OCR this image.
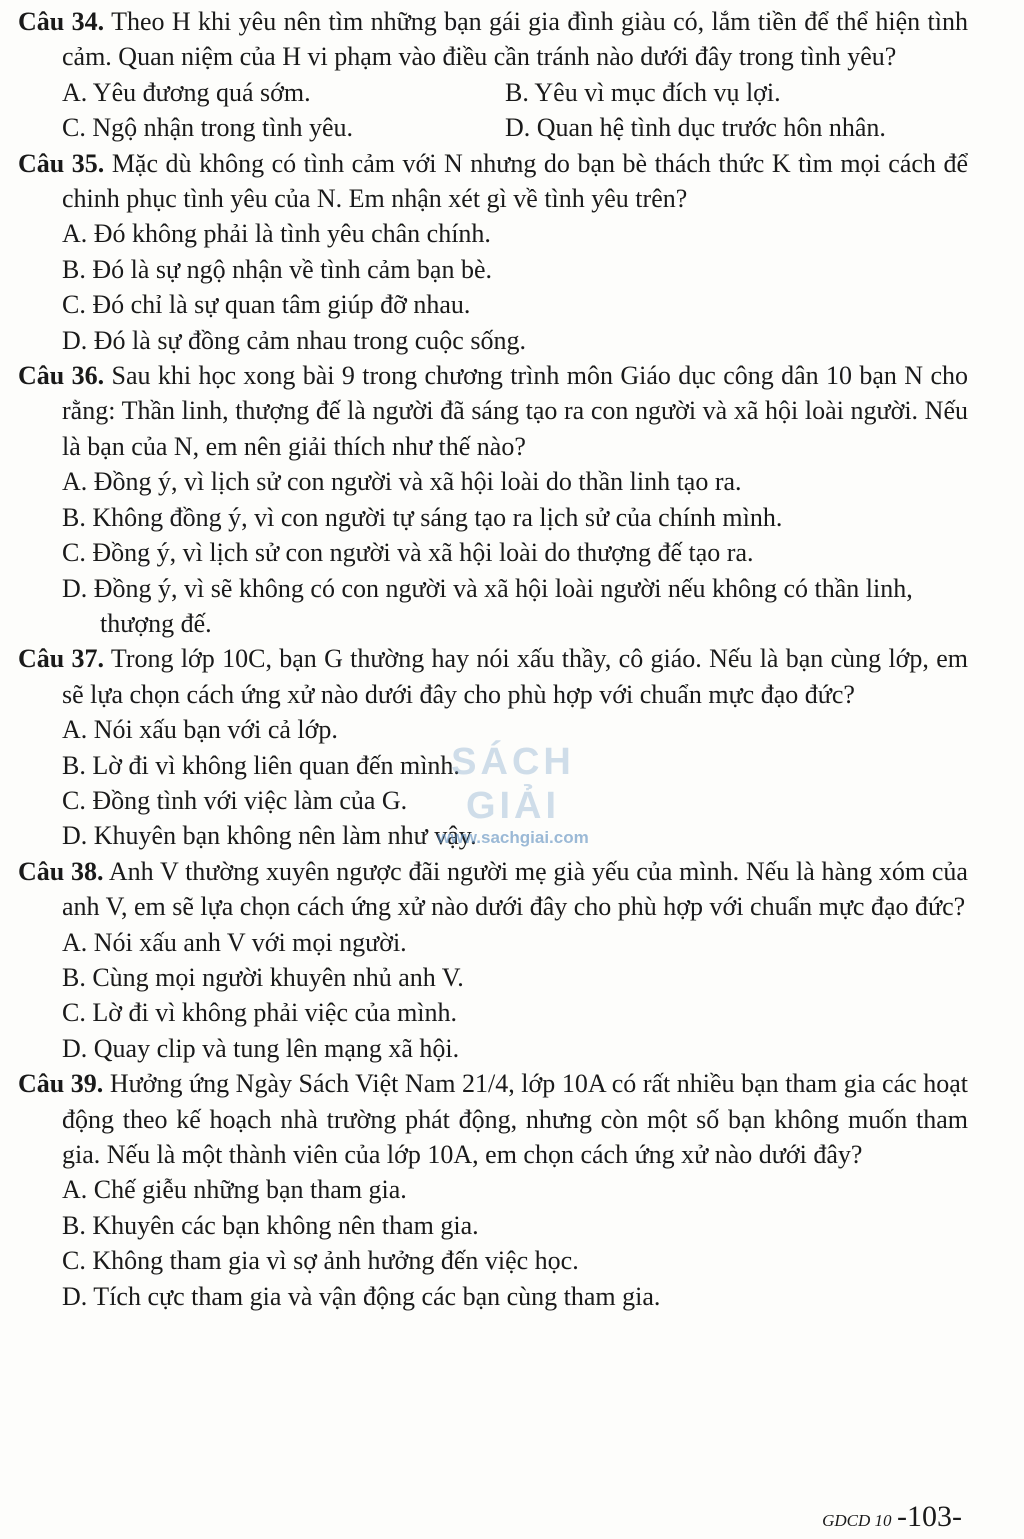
Câu 34. Theo H khi yêu nên tìm những bạn gái gia đình giàu có, lắm tiền để thể hiện tình cảm. Quan niệm của H vi phạm vào điều cần tránh nào dưới đây trong tình yêu?
A. Yêu đương quá sớm.	B. Yêu vì mục đích vụ lợi.
C. Ngộ nhận trong tình yêu.	D. Quan hệ tình dục trước hôn nhân.
Câu 35. Mặc dù không có tình cảm với N nhưng do bạn bè thách thức K tìm mọi cách để chinh phục tình yêu của N. Em nhận xét gì về tình yêu trên?
A. Đó không phải là tình yêu chân chính.
B. Đó là sự ngộ nhận về tình cảm bạn bè.
C. Đó chỉ là sự quan tâm giúp đỡ nhau.
D. Đó là sự đồng cảm nhau trong cuộc sống.
Câu 36. Sau khi học xong bài 9 trong chương trình môn Giáo dục công dân 10 bạn N cho rằng: Thần linh, thượng đế là người đã sáng tạo ra con người và xã hội loài người. Nếu là bạn của N, em nên giải thích như thế nào?
A. Đồng ý, vì lịch sử con người và xã hội loài do thần linh tạo ra.
B. Không đồng ý, vì con người tự sáng tạo ra lịch sử của chính mình.
C. Đồng ý, vì lịch sử con người và xã hội loài do thượng đế tạo ra.
D. Đồng ý, vì sẽ không có con người và xã hội loài người nếu không có thần linh, thượng đế.
Câu 37. Trong lớp 10C, bạn G thường hay nói xấu thầy, cô giáo. Nếu là bạn cùng lớp, em sẽ lựa chọn cách ứng xử nào dưới đây cho phù hợp với chuẩn mực đạo đức?
A. Nói xấu bạn với cả lớp.
B. Lờ đi vì không liên quan đến mình.
C. Đồng tình với việc làm của G.
D. Khuyên bạn không nên làm như vậy.
Câu 38. Anh V thường xuyên ngược đãi người mẹ già yếu của mình. Nếu là hàng xóm của anh V, em sẽ lựa chọn cách ứng xử nào dưới đây cho phù hợp với chuẩn mực đạo đức?
A. Nói xấu anh V với mọi người.
B. Cùng mọi người khuyên nhủ anh V.
C. Lờ đi vì không phải việc của mình.
D. Quay clip và tung lên mạng xã hội.
Câu 39. Hưởng ứng Ngày Sách Việt Nam 21/4, lớp 10A có rất nhiều bạn tham gia các hoạt động theo kế hoạch nhà trường phát động, nhưng còn một số bạn không muốn tham gia. Nếu là một thành viên của lớp 10A, em chọn cách ứng xử nào dưới đây?
A. Chế giễu những bạn tham gia.
B. Khuyên các bạn không nên tham gia.
C. Không tham gia vì sợ ảnh hưởng đến việc học.
D. Tích cực tham gia và vận động các bạn cùng tham gia.
SÁCH GIẢI
www.sachgiai.com
GDCD 10 -103-
